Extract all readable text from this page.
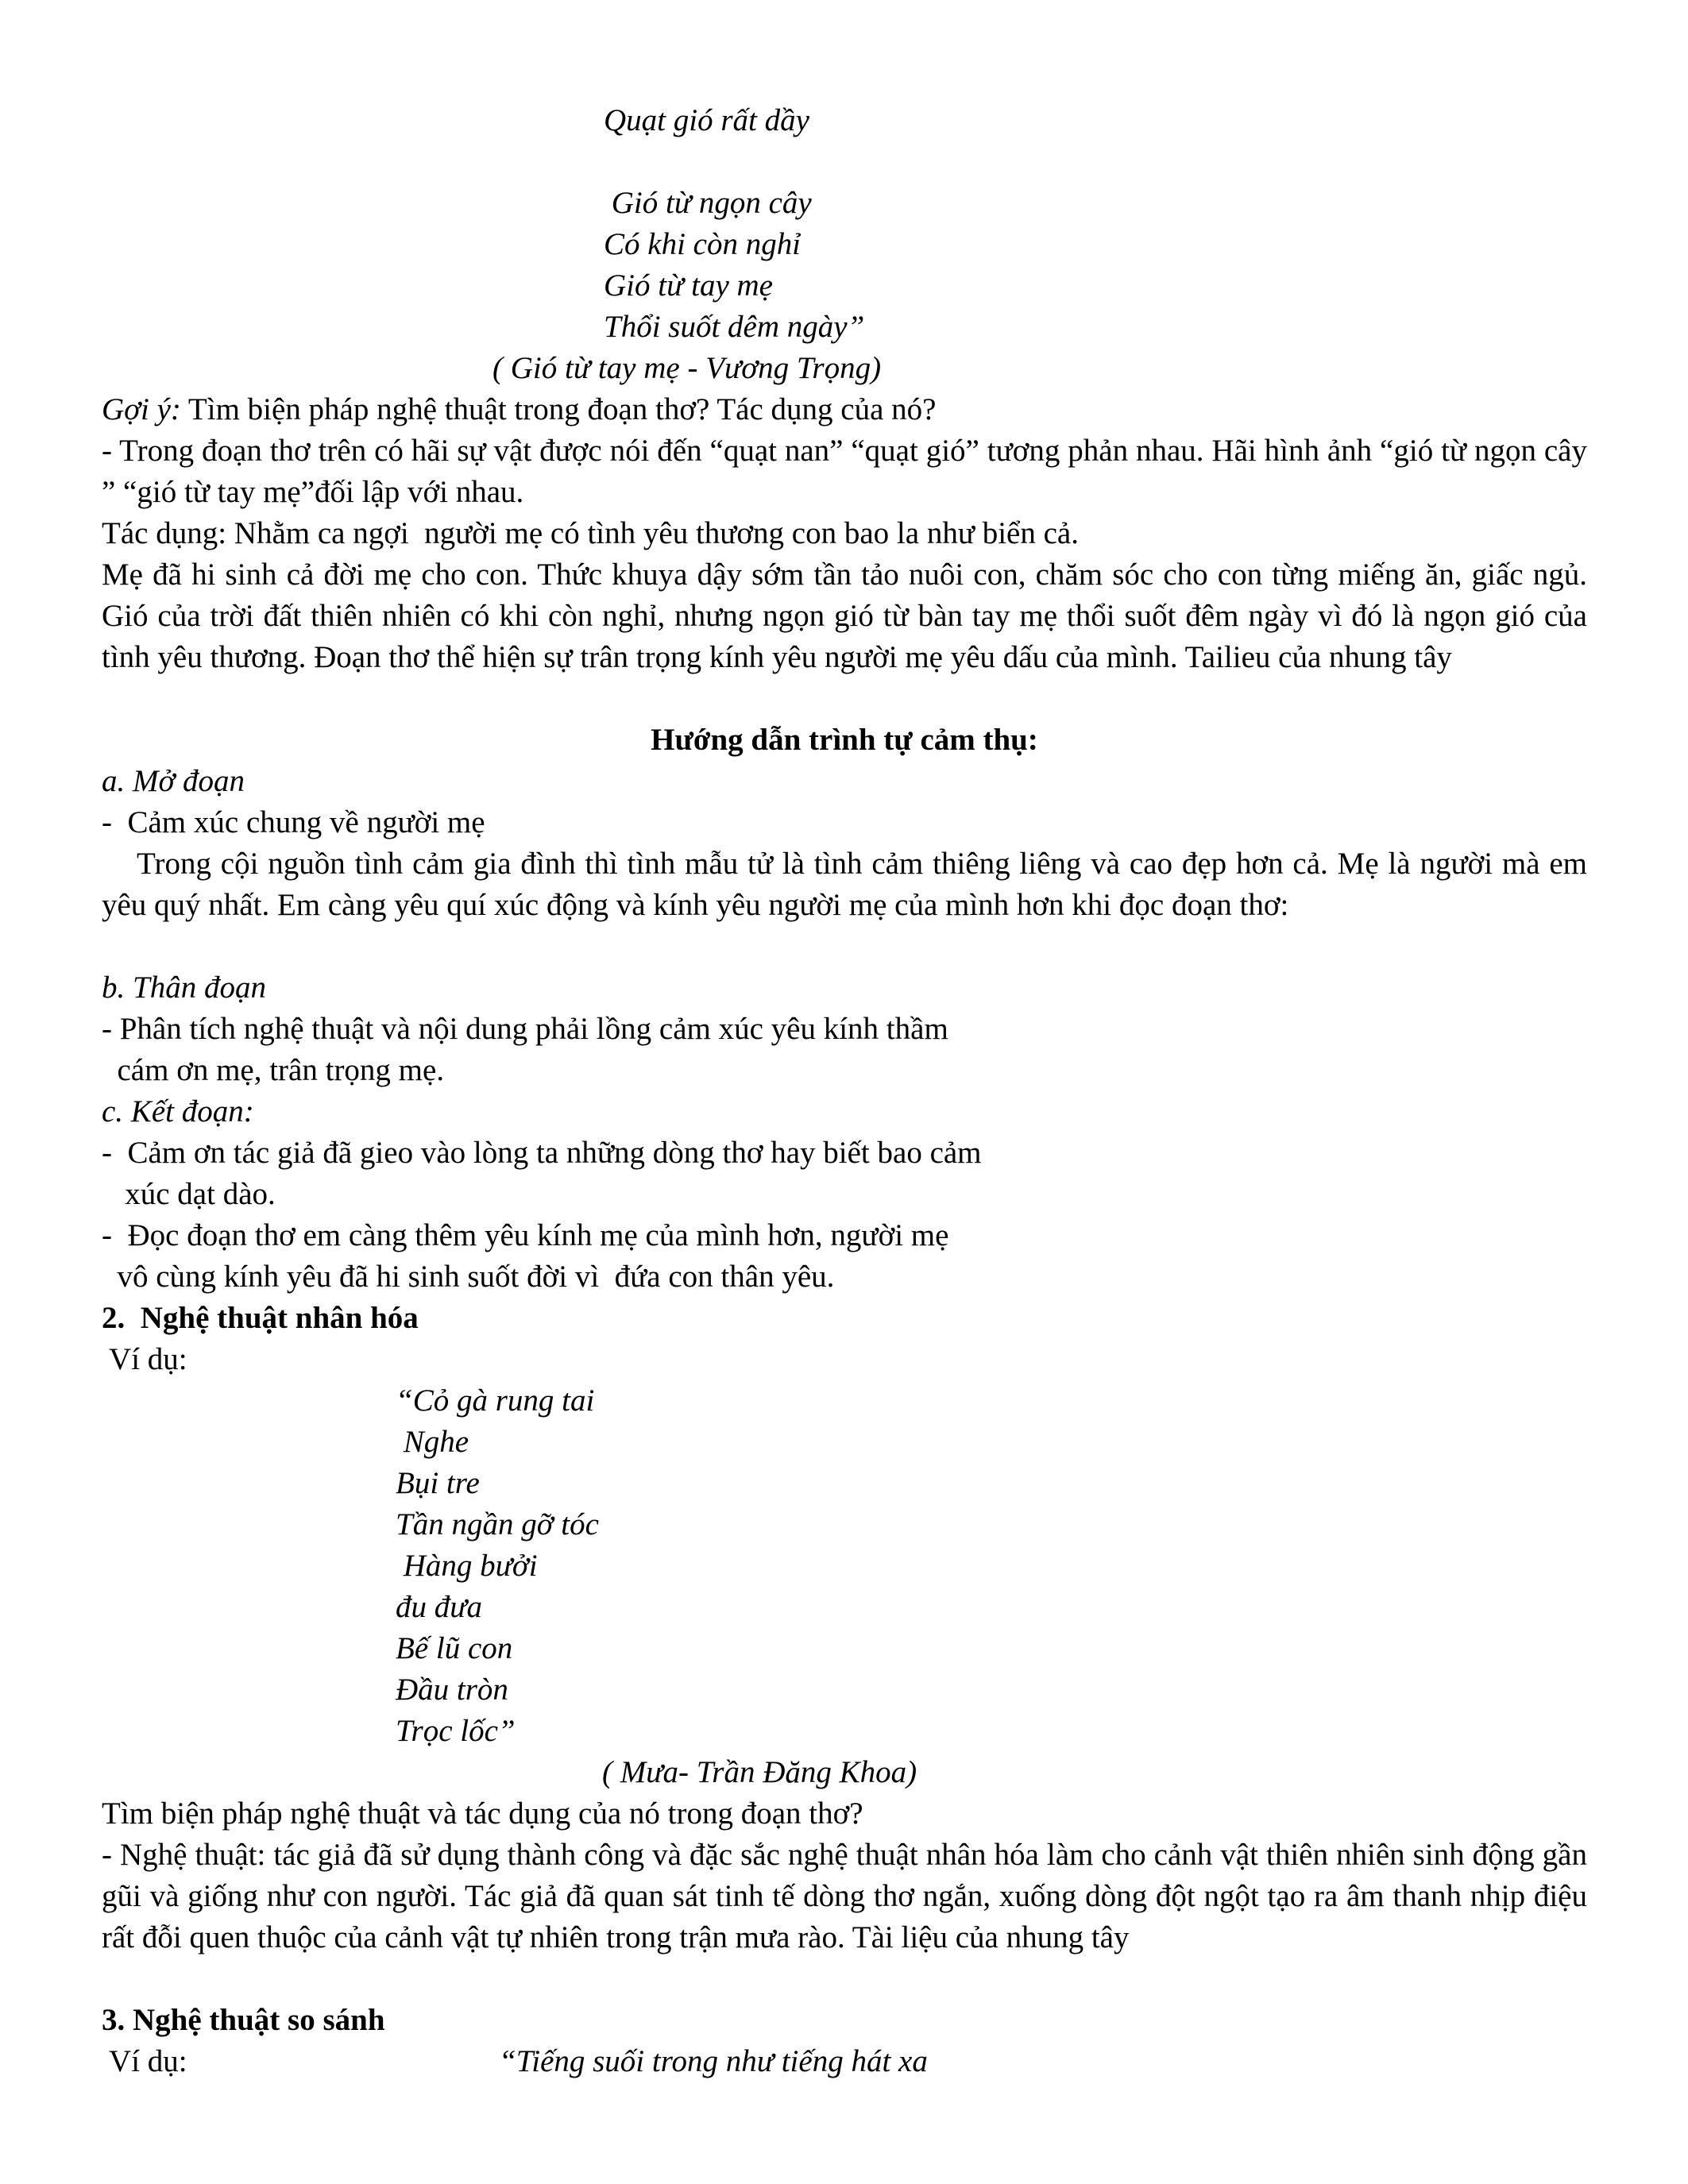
Quạt gió rất dầy
Gió từ ngọn cây
Có khi còn nghỉ
Gió từ tay mẹ
Thổi suốt dêm ngày”
( Gió từ tay mẹ - Vương Trọng)
Gợi ý: Tìm biện pháp nghệ thuật trong đoạn thơ? Tác dụng của nó?
- Trong đoạn thơ trên có hãi sự vật được nói đến “quạt nan” “quạt gió” tương phản nhau. Hãi hình ảnh “gió từ ngọn cây ” “gió từ tay mẹ”đối lập với nhau.
Tác dụng: Nhằm ca ngợi  người mẹ có tình yêu thương con bao la như biển cả.
Mẹ đã hi sinh cả đời mẹ cho con. Thức khuya dậy sớm tần tảo nuôi con, chăm sóc cho con từng miếng ăn, giấc ngủ. Gió của trời đất thiên nhiên có khi còn nghỉ, nhưng ngọn gió từ bàn tay mẹ thổi suốt đêm ngày vì đó là ngọn gió của tình yêu thương. Đoạn thơ thể hiện sự trân trọng kính yêu người mẹ yêu dấu của mình. Tailieu của nhung tây
Hướng dẫn trình tự cảm thụ:
a. Mở đoạn
-  Cảm xúc chung về người mẹ
Trong cội nguồn tình cảm gia đình thì tình mẫu tử là tình cảm thiêng liêng và cao đẹp hơn cả. Mẹ là người mà em yêu quý nhất. Em càng yêu quí xúc động và kính yêu người mẹ của mình hơn khi đọc đoạn thơ:
b. Thân đoạn
- Phân tích nghệ thuật và nội dung phải lồng cảm xúc yêu kính thầm
cám ơn mẹ, trân trọng mẹ.
c. Kết đoạn:
-  Cảm ơn tác giả đã gieo vào lòng ta những dòng thơ hay biết bao cảm
xúc dạt dào.
-  Đọc đoạn thơ em càng thêm yêu kính mẹ của mình hơn, người mẹ
vô cùng kính yêu đã hi sinh suốt đời vì  đứa con thân yêu.
2.  Nghệ thuật nhân hóa
Ví dụ:
“Cỏ gà rung tai
Nghe
Bụi tre
Tần ngần gỡ tóc
Hàng bưởi
đu đưa
Bế lũ con
Đầu tròn
Trọc lốc”
( Mưa- Trần Đăng Khoa)
Tìm biện pháp nghệ thuật và tác dụng của nó trong đoạn thơ?
- Nghệ thuật: tác giả đã sử dụng thành công và đặc sắc nghệ thuật nhân hóa làm cho cảnh vật thiên nhiên sinh động gần gũi và giống như con người. Tác giả đã quan sát tinh tế dòng thơ ngắn, xuống dòng đột ngột tạo ra âm thanh nhịp điệu rất đỗi quen thuộc của cảnh vật tự nhiên trong trận mưa rào. Tài liệu của nhung tây
3. Nghệ thuật so sánh
Ví dụ:	“Tiếng suối trong như tiếng hát xa
